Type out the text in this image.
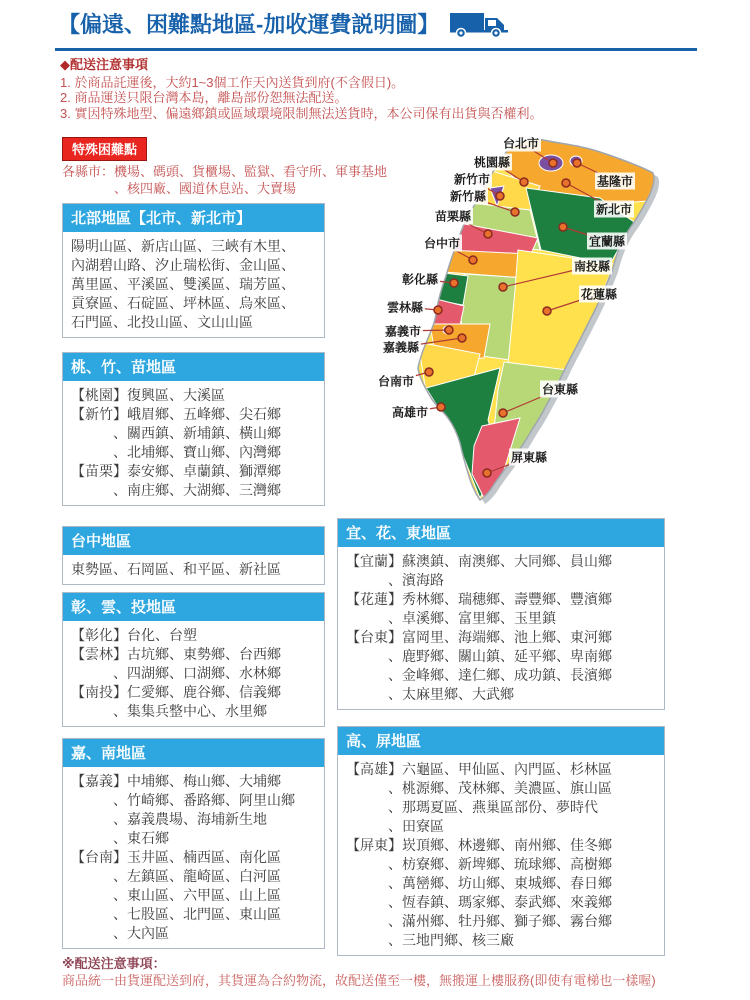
【偏遠、困難點地區-加收運費説明圖】
◆配送注意事項
1. 於商品託運後，大約1~3個工作天內送貨到府(不含假日)。
2. 商品運送只限台灣本島，離島部份恕無法配送。
3. 實因特殊地型、偏遠鄉鎮或區域環境限制無法送貨時，本公司保有出貨與否權利。
特殊困難點
各縣市：機場、碼頭、貨櫃場、監獄、看守所、軍事基地
　　　　、核四廠、國道休息站、大賣場
北部地區【北市、新北市】
陽明山區、新店山區、三峽有木里、
內湖碧山路、汐止瑞松街、金山區、
萬里區、平溪區、雙溪區、瑞芳區、
貢寮區、石碇區、坪林區、烏來區、
石門區、北投山區、文山山區
桃、竹、苗地區
【桃園】復興區、大溪區
【新竹】峨眉鄉、五峰鄉、尖石鄉
　　　、關西鎮、新埔鎮、橫山鄉
　　　、北埔鄉、寶山鄉、內灣鄉
【苗栗】泰安鄉、卓蘭鎮、獅潭鄉
　　　、南庄鄉、大湖鄉、三灣鄉
台中地區
東勢區、石岡區、和平區、新社區
彰、雲、投地區
【彰化】台化、台塑
【雲林】古坑鄉、東勢鄉、台西鄉
　　　、四湖鄉、口湖鄉、水林鄉
【南投】仁愛鄉、鹿谷鄉、信義鄉
　　　、集集兵整中心、水里鄉
嘉、南地區
【嘉義】中埔鄉、梅山鄉、大埔鄉
　　　、竹崎鄉、番路鄉、阿里山鄉
　　　、嘉義農場、海埔新生地
　　　、東石鄉
【台南】玉井區、楠西區、南化區
　　　、左鎮區、龍崎區、白河區
　　　、東山區、六甲區、山上區
　　　、七股區、北門區、東山區
　　　、大內區
宜、花、東地區
【宜蘭】蘇澳鎮、南澳鄉、大同鄉、員山鄉
　　　、濱海路
【花蓮】秀林鄉、瑞穗鄉、壽豐鄉、豐濱鄉
　　　、卓溪鄉、富里鄉、玉里鎮
【台東】富岡里、海端鄉、池上鄉、東河鄉
　　　、鹿野鄉、關山鎮、延平鄉、卑南鄉
　　　、金峰鄉、達仁鄉、成功鎮、長濱鄉
　　　、太麻里鄉、大武鄉
高、屏地區
【高雄】六龜區、甲仙區、內門區、杉林區
　　　、桃源鄉、茂林鄉、美濃區、旗山區
　　　、那瑪夏區、燕巢區部份、夢時代
　　　、田寮區
【屏東】崁頂鄉、林邊鄉、南州鄉、佳冬鄉
　　　、枋寮鄉、新埤鄉、琉球鄉、高樹鄉
　　　、萬巒鄉、坊山鄉、東城鄉、春日鄉
　　　、恆春鎮、瑪家鄉、泰武鄉、來義鄉
　　　、滿州鄉、牡丹鄉、獅子鄉、霧台鄉
　　　、三地門鄉、核三廠
台北市
桃園縣
新竹市
新竹縣
苗栗縣
台中市
彰化縣
雲林縣
嘉義市
嘉義縣
台南市
高雄市
基隆市
新北市
宜蘭縣
南投縣
花蓮縣
台東縣
屏東縣
※配送注意事項：
商品統一由貨運配送到府，其貨運為合約物流，故配送僅至一樓，無搬運上樓服務(即使有電梯也一樣喔)
